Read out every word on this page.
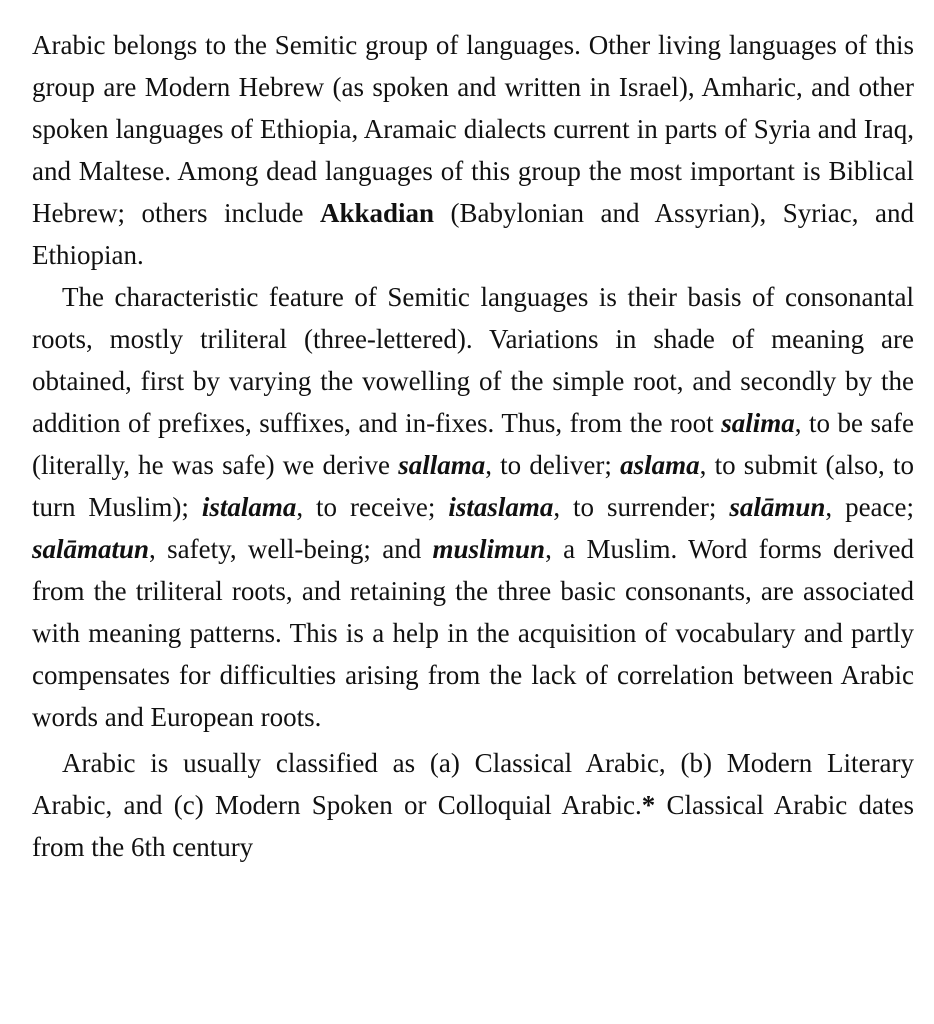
Arabic belongs to the Semitic group of languages. Other living languages of this group are Modern Hebrew (as spoken and written in Israel), Amharic, and other spoken languages of Ethiopia, Aramaic dialects current in parts of Syria and Iraq, and Maltese. Among dead languages of this group the most important is Biblical Hebrew; others include Akkadian (Babylonian and Assyrian), Syriac, and Ethiopian.

The characteristic feature of Semitic languages is their basis of consonantal roots, mostly triliteral (three-lettered). Variations in shade of meaning are obtained, first by varying the vowelling of the simple root, and secondly by the addition of prefixes, suffixes, and in-fixes. Thus, from the root salima, to be safe (literally, he was safe) we derive sallama, to deliver; aslama, to submit (also, to turn Muslim); istalama, to receive; istaslama, to surrender; salāmun, peace; salāmatun, safety, well-being; and muslimun, a Muslim. Word forms derived from the triliteral roots, and retaining the three basic consonants, are associated with meaning patterns. This is a help in the acquisition of vocabulary and partly compensates for difficulties arising from the lack of correlation between Arabic words and European roots.

Arabic is usually classified as (a) Classical Arabic, (b) Modern Literary Arabic, and (c) Modern Spoken or Colloquial Arabic.* Classical Arabic dates from the 6th century
